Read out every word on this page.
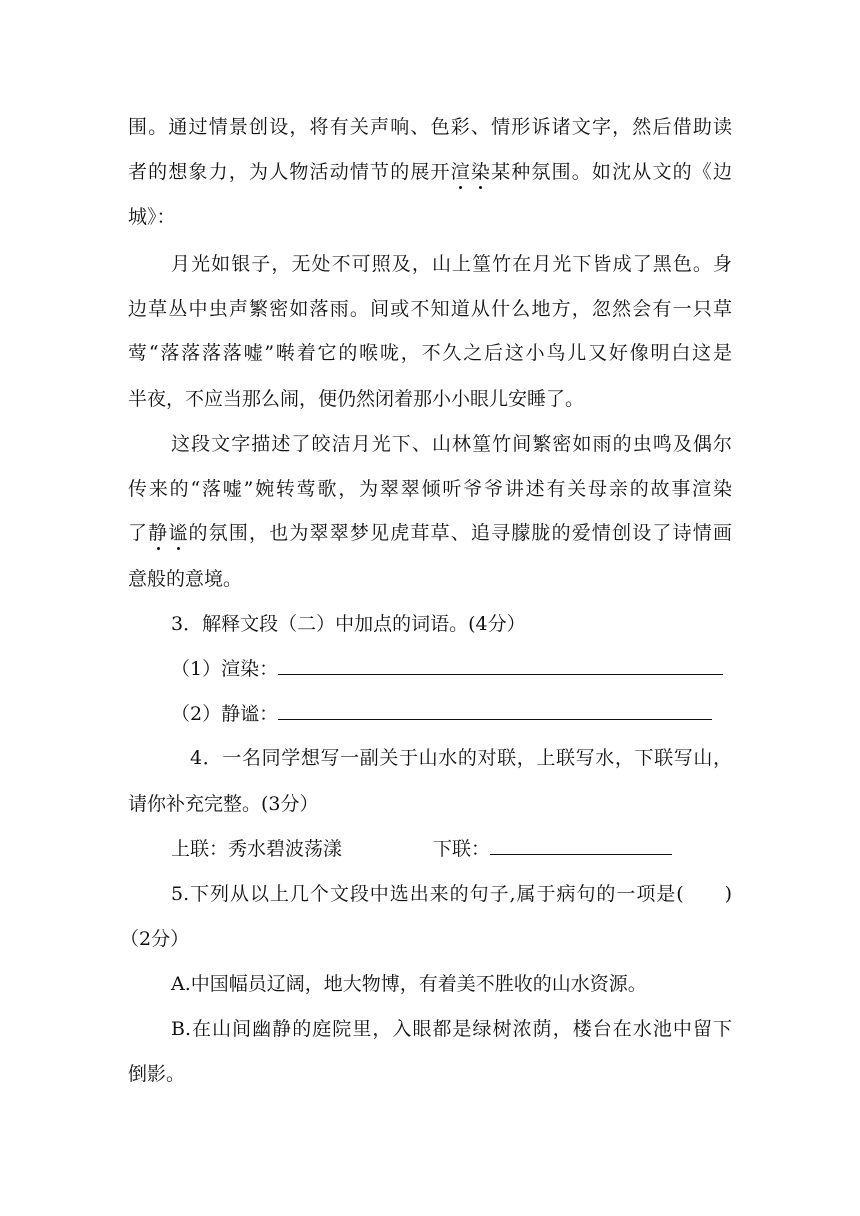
围。通过情景创设，将有关声响、色彩、情形诉诸文字，然后借助读
者的想象力，为人物活动情节的展开渲染某种氛围。如沈从文的《边
城》：
月光如银子，无处不可照及，山上篁竹在月光下皆成了黑色。身
边草丛中虫声繁密如落雨。间或不知道从什么地方，忽然会有一只草
莺“落落落落嘘”啭着它的喉咙，不久之后这小鸟儿又好像明白这是
半夜，不应当那么闹，便仍然闭着那小小眼儿安睡了。
这段文字描述了皎洁月光下、山林篁竹间繁密如雨的虫鸣及偶尔
传来的“落嘘”婉转莺歌，为翠翠倾听爷爷讲述有关母亲的故事渲染
了静谧的氛围，也为翠翠梦见虎茸草、追寻朦胧的爱情创设了诗情画
意般的意境。
3．解释文段（二）中加点的词语。(4分）
（1）渲染：
（2）静谧：
4．一名同学想写一副关于山水的对联，上联写水，下联写山，
请你补充完整。(3分）
上联：秀水碧波荡漾	下联：
5.下列从以上几个文段中选出来的句子,属于病句的一项是(　　)
（2分）
A.中国幅员辽阔，地大物博，有着美不胜收的山水资源。
B.在山间幽静的庭院里，入眼都是绿树浓荫，楼台在水池中留下
倒影。
